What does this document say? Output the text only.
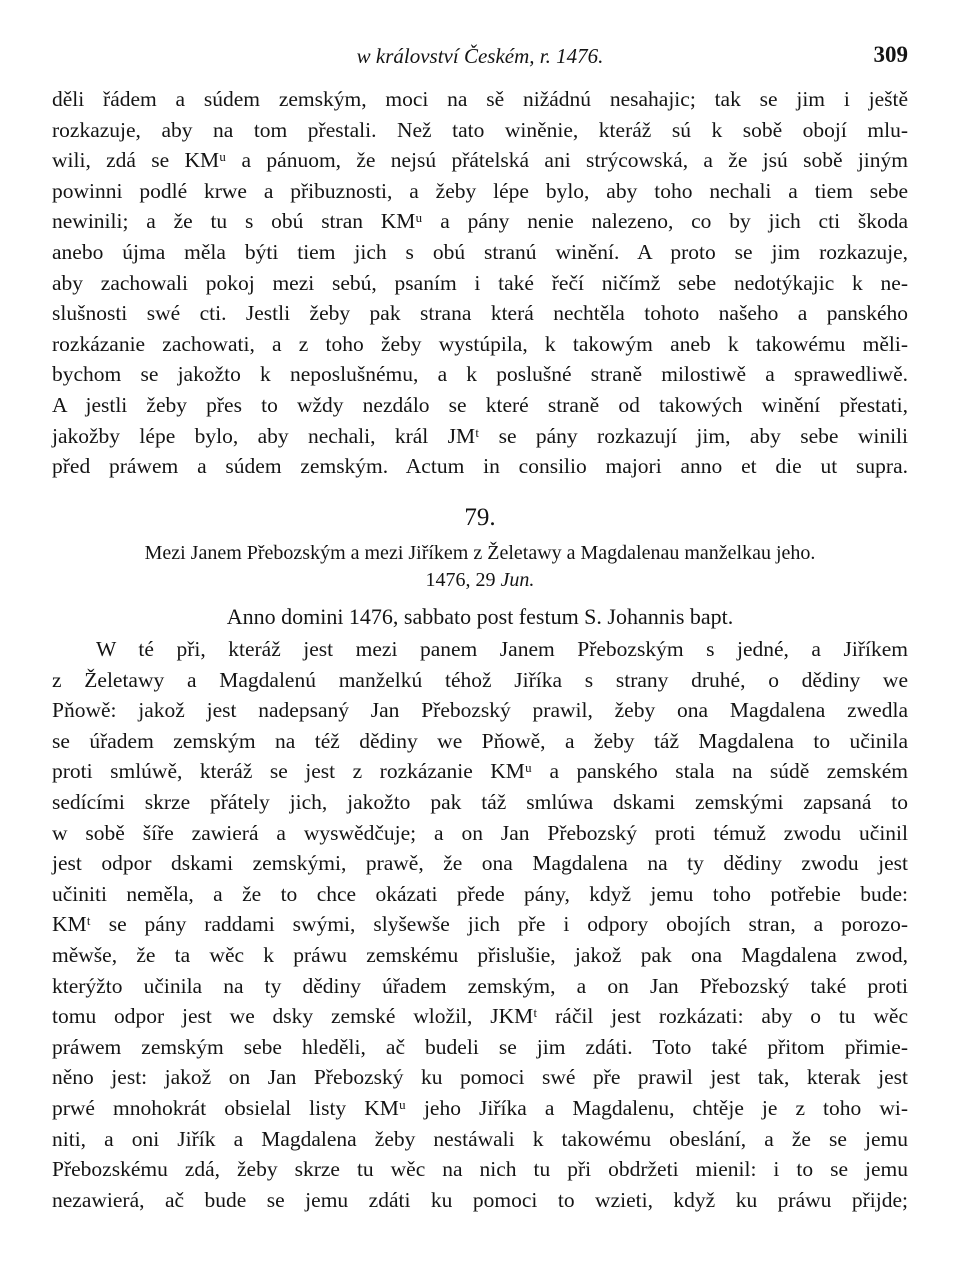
w království Českém, r. 1476.	309
děli řádem a súdem zemským, moci na sě nižádnú nesahajic; tak se jim i ještě
rozkazuje, aby na tom přestali. Než tato winěnie, kteráž sú k sobě obojí mlu-
wili, zdá se KMᵘ a pánuom, že nejsú přátelská ani strýcowská, a že jsú sobě jiným
powinni podlé krwe a přibuznosti, a žeby lépe bylo, aby toho nechali a tiem sebe
newinili; a že tu s obú stran KMᵘ a pány nenie nalezeno, co by jich cti škoda
anebo újma měla býti tiem jich s obú stranú winění. A proto se jim rozkazuje,
aby zachowali pokoj mezi sebú, psaním i také řečí ničímž sebe nedotýkajic k ne-
slušnosti swé cti. Jestli žeby pak strana která nechtěla tohoto našeho a panského
rozkázanie zachowati, a z toho žeby wystúpila, k takowým aneb k takowému měli-
bychom se jakožto k neposlušnému, a k poslušné straně milostiwě a sprawedliwě.
A jestli žeby přes to wždy nezdálo se které straně od takowých winění přestati,
jakožby lépe bylo, aby nechali, král JMᵗ se pány rozkazují jim, aby sebe winili
před práwem a súdem zemským. Actum in consilio majori anno et die ut supra.
79.
Mezi Janem Přebozským a mezi Jiříkem z Želetawy a Magdalenau manželkau jeho.
1476, 29 Jun.
Anno domini 1476, sabbato post festum S. Johannis bapt.
W té při, kteráž jest mezi panem Janem Přebozským s jedné, a Jiříkem
z Želetawy a Magdalenú manželkú téhož Jiříka s strany druhé, o dědiny we
Pňowě: jakož jest nadepsaný Jan Přebozský prawil, žeby ona Magdalena zwedla
se úřadem zemským na též dědiny we Pňowě, a žeby táž Magdalena to učinila
proti smlúwě, kteráž se jest z rozkázanie KMᵘ a panského stala na súdě zemském
sedícími skrze přátely jich, jakožto pak táž smlúwa dskami zemskými zapsaná to
w sobě šíře zawierá a wyswědčuje; a on Jan Přebozský proti témuž zwodu učinil
jest odpor dskami zemskými, prawě, že ona Magdalena na ty dědiny zwodu jest
učiniti neměla, a že to chce okázati přede pány, když jemu toho potřebie bude:
KMᵗ se pány raddami swými, slyšewše jich pře i odpory obojích stran, a porozo-
měwše, že ta wěc k práwu zemskému přislušie, jakož pak ona Magdalena zwod,
kterýžto učinila na ty dědiny úřadem zemským, a on Jan Přebozský také proti
tomu odpor jest we dsky zemské wložil, JKMᵗ ráčil jest rozkázati: aby o tu wěc
práwem zemským sebe hleděli, ač budeli se jim zdáti. Toto také přitom přimie-
něno jest: jakož on Jan Přebozský ku pomoci swé pře prawil jest tak, kterak jest
prwé mnohokrát obsielal listy KMᵘ jeho Jiříka a Magdalenu, chtěje je z toho wi-
niti, a oni Jiřík a Magdalena žeby nestáwali k takowému obeslání, a že se jemu
Přebozskému zdá, žeby skrze tu wěc na nich tu při obdržeti mienil: i to se jemu
nezawierá, ač bude se jemu zdáti ku pomoci to wzieti, když ku práwu přijde;
